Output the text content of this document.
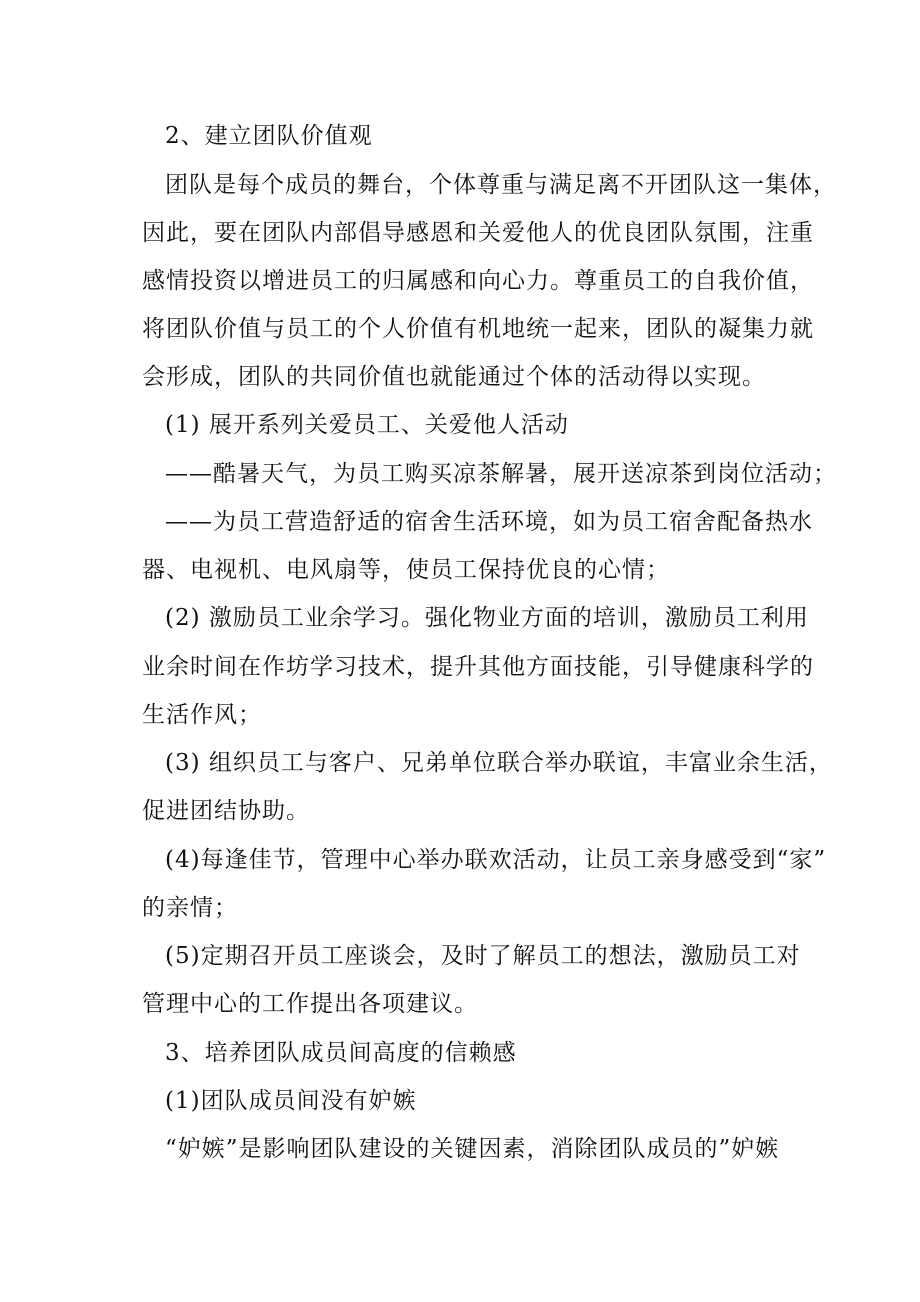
2、建立团队价值观
团队是每个成员的舞台，个体尊重与满足离不开团队这一集体，
因此，要在团队内部倡导感恩和关爱他人的优良团队氛围，注重
感情投资以增进员工的归属感和向心力。尊重员工的自我价值，
将团队价值与员工的个人价值有机地统一起来，团队的凝集力就
会形成，团队的共同价值也就能通过个体的活动得以实现。
(1) 展开系列关爱员工、关爱他人活动
——酷暑天气，为员工购买凉茶解暑，展开送凉茶到岗位活动；
——为员工营造舒适的宿舍生活环境，如为员工宿舍配备热水
器、电视机、电风扇等，使员工保持优良的心情；
(2) 激励员工业余学习。强化物业方面的培训，激励员工利用
业余时间在作坊学习技术，提升其他方面技能，引导健康科学的
生活作风；
(3) 组织员工与客户、兄弟单位联合举办联谊，丰富业余生活，
促进团结协助。
(4)每逢佳节，管理中心举办联欢活动，让员工亲身感受到“家”
的亲情；
(5)定期召开员工座谈会，及时了解员工的想法，激励员工对
管理中心的工作提出各项建议。
3、培养团队成员间高度的信赖感
(1)团队成员间没有妒嫉
“妒嫉”是影响团队建设的关键因素，消除团队成员的”妒嫉
